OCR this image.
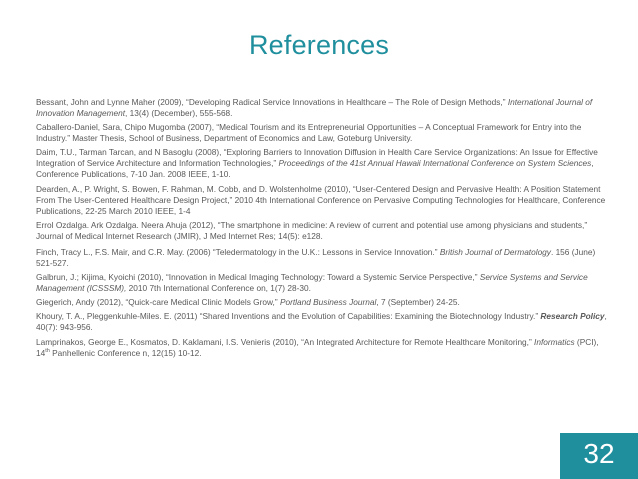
References
Bessant, John and Lynne Maher (2009), “Developing Radical Service Innovations in Healthcare – The Role of Design Methods,” International Journal of Innovation Management, 13(4) (December), 555-568.
Caballero-Daniel, Sara, Chipo Mugomba (2007), “Medical Tourism and its Entrepreneurial Opportunities – A Conceptual Framework for Entry into the Industry.” Master Thesis, School of Business, Department of Economics and Law, Goteburg University.
Daim, T.U., Tarman Tarcan, and N Basoglu (2008), “Exploring Barriers to Innovation Diffusion in Health Care Service Organizations: An Issue for Effective Integration of Service Architecture and Information Technologies,” Proceedings of the 41st Annual Hawaii International Conference on System Sciences, Conference Publications, 7-10 Jan. 2008 IEEE, 1-10.
Dearden, A., P. Wright, S. Bowen, F. Rahman, M. Cobb, and D. Wolstenholme (2010), “User-Centered Design and Pervasive Health: A Position Statement From The User-Centered Healthcare Design Project,” 2010 4th International Conference on Pervasive Computing Technologies for Healthcare, Conference Publications, 22-25 March 2010 IEEE, 1-4
Errol Ozdalga. Ark Ozdalga. Neera Ahuja (2012), “The smartphone in medicine: A review of current and potential use among physicians and students,” Journal of Medical Internet Research (JMIR), J Med Internet Res; 14(5): e128.
Finch, Tracy L., F.S. Mair, and C.R. May. (2006) “Teledermatology in the U.K.: Lessons in Service Innovation.” British Journal of Dermatology. 156 (June) 521-527.
Galbrun, J.; Kijima, Kyoichi (2010), “Innovation in Medical Imaging Technology: Toward a Systemic Service Perspective,” Service Systems and Service Management (ICSSSM), 2010 7th International Conference on, 1(7) 28-30.
Giegerich, Andy (2012), “Quick-care Medical Clinic Models Grow,” Portland Business Journal, 7 (September) 24-25.
Khoury, T. A., Pleggenkuhle-Miles. E. (2011) “Shared Inventions and the Evolution of Capabilities: Examining the Biotechnology Industry.” Research Policy, 40(7): 943-956.
Lamprinakos, George E., Kosmatos, D. Kaklamani, I.S. Venieris (2010), “An Integrated Architecture for Remote Healthcare Monitoring,” Informatics (PCI), 14th Panhellenic Conference n, 12(15) 10-12.
32
